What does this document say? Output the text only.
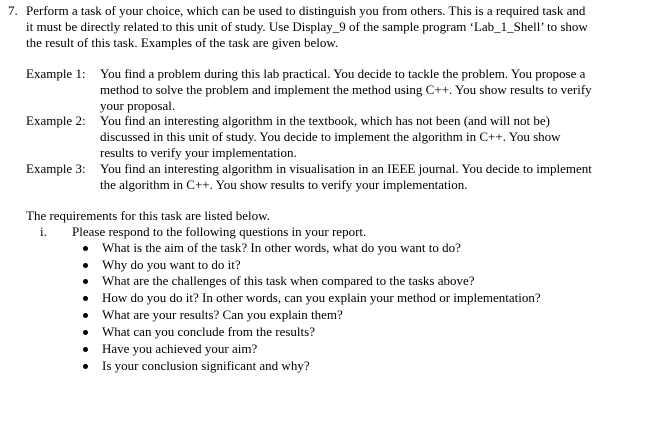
7. Perform a task of your choice, which can be used to distinguish you from others. This is a required task and
it must be directly related to this unit of study. Use Display_9 of the sample program ‘Lab_1_Shell’ to show
the result of this task. Examples of the task are given below.
Example 1: You find a problem during this lab practical. You decide to tackle the problem. You propose a
method to solve the problem and implement the method using C++. You show results to verify
your proposal.
Example 2: You find an interesting algorithm in the textbook, which has not been (and will not be)
discussed in this unit of study. You decide to implement the algorithm in C++. You show
results to verify your implementation.
Example 3: You find an interesting algorithm in visualisation in an IEEE journal. You decide to implement
the algorithm in C++. You show results to verify your implementation.
The requirements for this task are listed below.
i. Please respond to the following questions in your report.
What is the aim of the task? In other words, what do you want to do?
Why do you want to do it?
What are the challenges of this task when compared to the tasks above?
How do you do it? In other words, can you explain your method or implementation?
What are your results? Can you explain them?
What can you conclude from the results?
Have you achieved your aim?
Is your conclusion significant and why?
